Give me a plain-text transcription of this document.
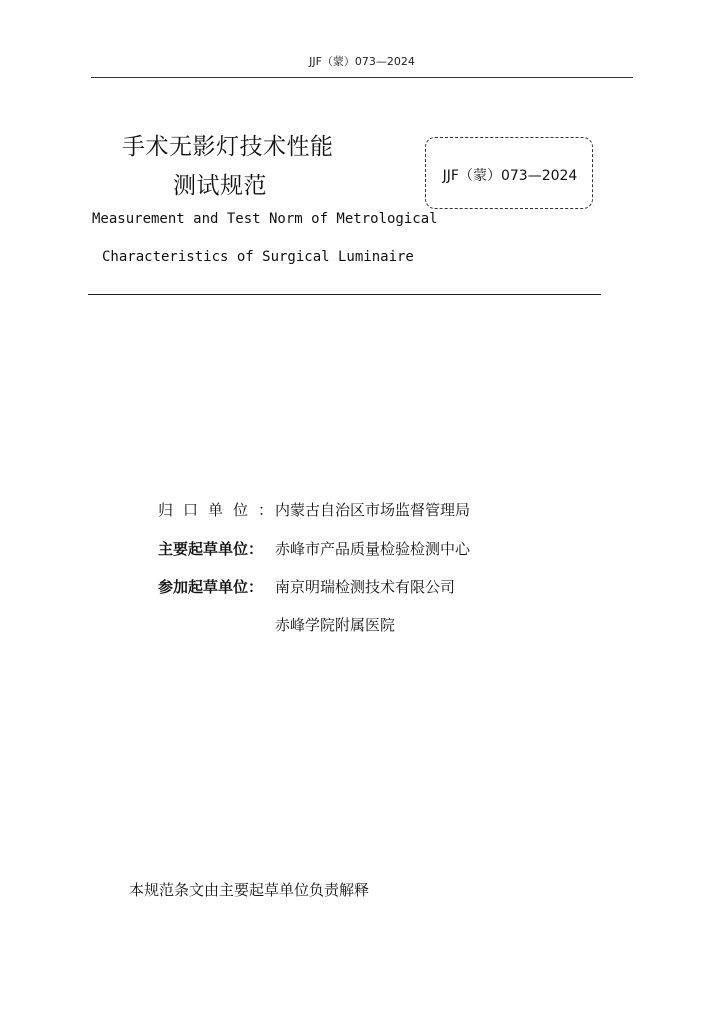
JJF（蒙）073—2024
手术无影灯技术性能
测试规范	JJF（蒙）073—2024
Measurement and Test Norm of Metrological
Characteristics of Surgical Luminaire
归口单位：
内蒙古自治区市场监督管理局
主要起草单位： 赤峰市产品质量检验检测中心
参加起草单位： 南京明瑞检测技术有限公司
赤峰学院附属医院
本规范条文由主要起草单位负责解释
